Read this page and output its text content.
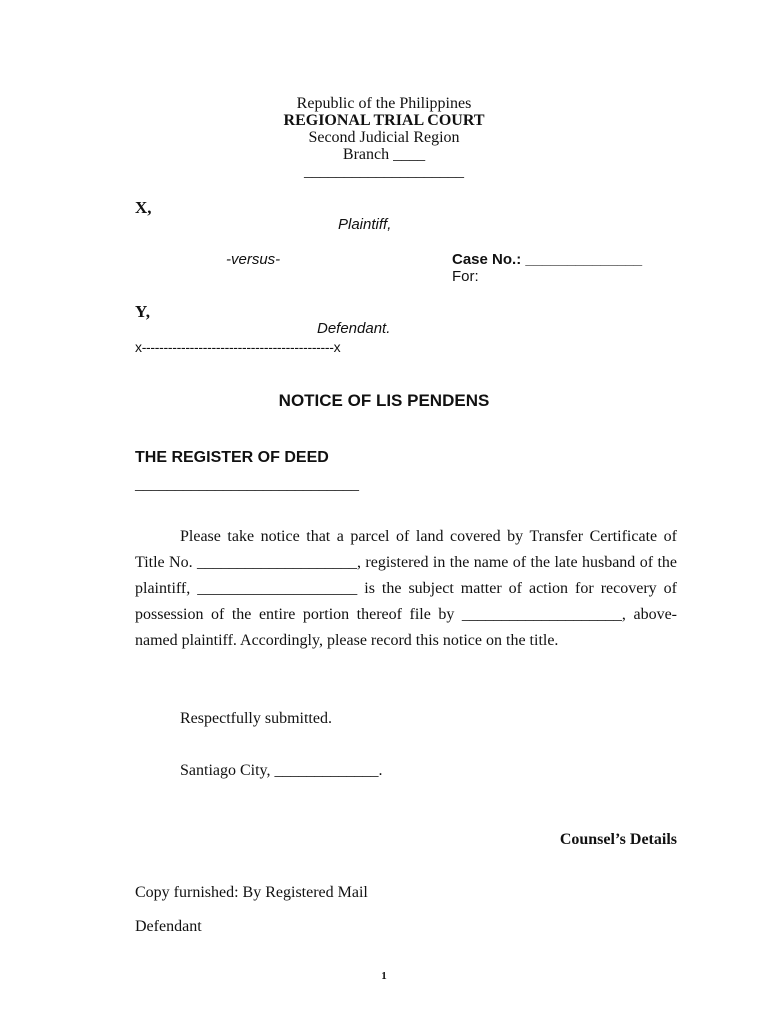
Republic of the Philippines
REGIONAL TRIAL COURT
Second Judicial Region
Branch ____
____________________
X,
Plaintiff,
-versus-	Case No.: ______________
For:
Y,
Defendant.
x--------------------------------------------x
NOTICE OF LIS PENDENS
THE REGISTER OF DEED
____________________________
Please take notice that a parcel of land covered by Transfer Certificate of Title No. ____________________, registered in the name of the late husband of the plaintiff, ____________________ is the subject matter of action for recovery of possession of the entire portion thereof file by ____________________, above-named plaintiff. Accordingly, please record this notice on the title.
Respectfully submitted.
Santiago City, _____________.
Counsel’s Details
Copy furnished: By Registered Mail
Defendant
1
